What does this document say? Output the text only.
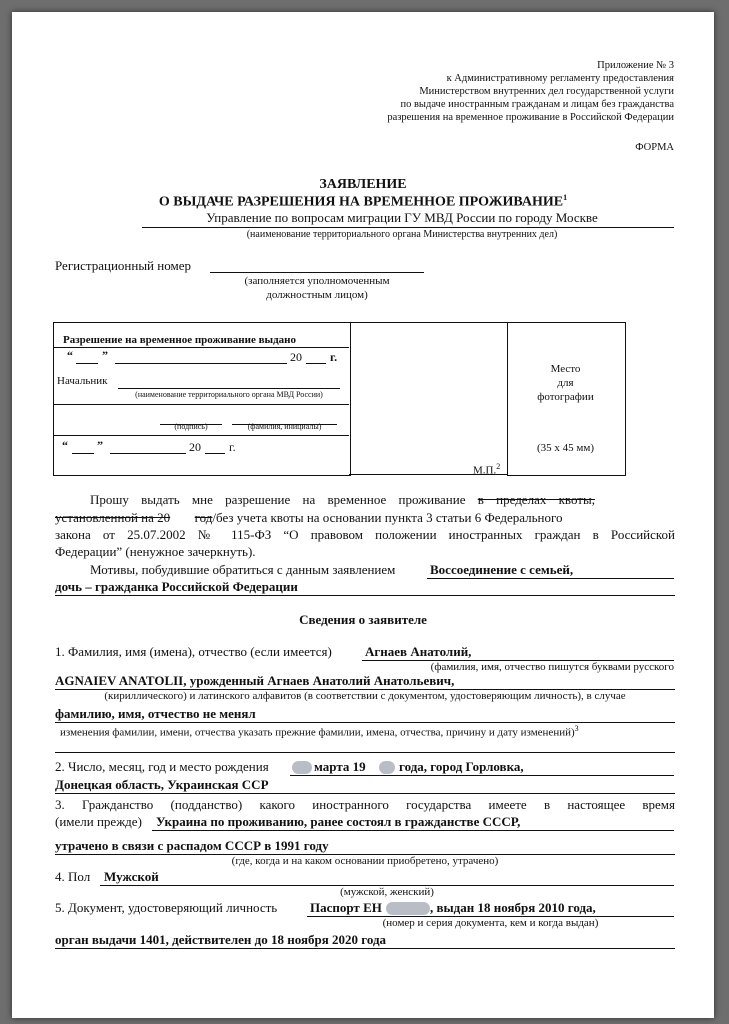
Приложение № 3
к Административному регламенту предоставления
Министерством внутренних дел государственной услуги
по выдаче иностранным гражданам и лицам без гражданства
разрешения на временное проживание в Российской Федерации
ФОРМА
ЗАЯВЛЕНИЕ
О ВЫДАЧЕ РАЗРЕШЕНИЯ НА ВРЕМЕННОЕ ПРОЖИВАНИЕ$^1$
Управление по вопросам миграции ГУ МВД России по городу Москве
(наименование территориального органа Министерства внутренних дел)
Регистрационный номер
(заполняется уполномоченным
должностным лицом)
Разрешение на временное проживание выдано
“ ”	20 г.
Начальник
(наименование территориального органа МВД России)
(подпись)	(фамилия, инициалы)
“ ”	20 г.
Место
для
фотографии
(35 х 45 мм)
М.П.$^2$
Прошу выдать мне разрешение на временное проживание в пределах квоты,
установленной на 20 год/без учета квоты на основании пункта 3 статьи 6 Федерального
закона от 25.07.2002 № 115-ФЗ “О правовом положении иностранных граждан в Российской
Федерации” (ненужное зачеркнуть).
Мотивы, побудившие обратиться с данным заявлением	Воссоединение с семьей,
дочь – гражданка Российской Федерации
Сведения о заявителе
1. Фамилия, имя (имена), отчество (если имеется)	Агнаев Анатолий,
(фамилия, имя, отчество пишутся буквами русского
AGNAIEV ANATOLII, урожденный Агнаев Анатолий Анатольевич,
(кириллического) и латинского алфавитов (в соответствии с документом, удостоверяющим личность), в случае
фамилию, имя, отчество не менял
изменения фамилии, имени, отчества указать прежние фамилии, имена, отчества, причину и дату изменений)$^3$
2. Число, месяц, год и место рождения	марта 19	года, город Горловка,
Донецкая область, Украинская ССР
3. Гражданство (подданство) какого иностранного государства имеете в настоящее время
(имели прежде) Украина по проживанию, ранее состоял в гражданстве СССР,
утрачено в связи с распадом СССР в 1991 году
(где, когда и на каком основании приобретено, утрачено)
4. Пол Мужской
(мужской, женский)
5. Документ, удостоверяющий личность	Паспорт ЕН	, выдан 18 ноября 2010 года,
(номер и серия документа, кем и когда выдан)
орган выдачи 1401, действителен до 18 ноября 2020 года
